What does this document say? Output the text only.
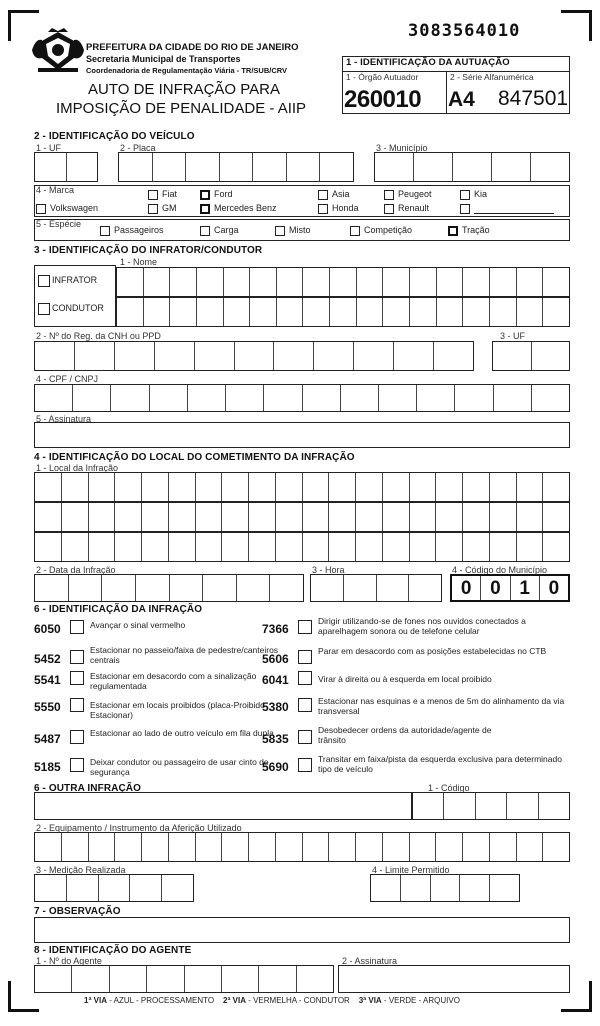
3083564010
PREFEITURA DA CIDADE DO RIO DE JANEIRO
Secretaria Municipal de Transportes
Coordenadoria de Regulamentação Viária - TR/SUB/CRV
AUTO DE INFRAÇÃO PARA
IMPOSIÇÃO DE PENALIDADE - AIIP
1 - IDENTIFICAÇÃO DA AUTUAÇÃO
1 - Órgão Autuador	2 - Série Alfanumérica
260010 A4 847501
2 - IDENTIFICAÇÃO DO VEÍCULO
1 - UF	2 - Placa	3 - Município
4 - Marca	Fiat	Ford	Asia	Peugeot	Kia
Volkswagen	GM	Mercedes Benz	Honda	Renault
5 - Espécie
Passageiros	Carga	Misto	Competição	Tração
3 - IDENTIFICAÇÃO DO INFRATOR/CONDUTOR
INFRATOR
CONDUTOR
1 - Nome
2 - Nº do Reg. da CNH ou PPD	3 - UF
4 - CPF / CNPJ
5 - Assinatura
4 - IDENTIFICAÇÃO DO LOCAL DO COMETIMENTO DA INFRAÇÃO
1 - Local da Infração
2 - Data da Infração	3 - Hora	4 - Código do Município
0 0 1 0
6 - IDENTIFICAÇÃO DA INFRAÇÃO
6050	Avançar o sinal vermelho
5452
Estacionar no passeio/faixa de pedestre/canteiros centrais
5541	Estacionar em desacordo com a sinalização regulamentada
5550	Estacionar em locais proibidos (placa-Proibido Estacionar)
5487	Estacionar ao lado de outro veículo em fila dupla
5185	Deixar condutor ou passageiro de usar cinto de segurança
7366
Dirigir utilizando-se de fones nos ouvidos conectados a aparelhagem sonora ou de telefone celular
5606
Parar em desacordo com as posições estabelecidas no CTB
6041	Virar à direita ou à esquerda em local proibido
5380	Estacionar nas esquinas e a menos de 5m do alinhamento da via transversal
5835
Desobedecer ordens da autoridade/agente de trânsito
5690
Transitar em faixa/pista da esquerda exclusiva para determinado tipo de veículo
6 - OUTRA INFRAÇÃO	1 - Código
2 - Equipamento / Instrumento da Aferição Utilizado
3 - Medição Realizada	4 - Limite Permitido
7 - OBSERVAÇÃO
8 - IDENTIFICAÇÃO DO AGENTE
1 - Nº do Agente	2 - Assinatura
1ª VIA - AZUL - PROCESSAMENTO 2ª VIA - VERMELHA - CONDUTOR 3ª VIA - VERDE - ARQUIVO
